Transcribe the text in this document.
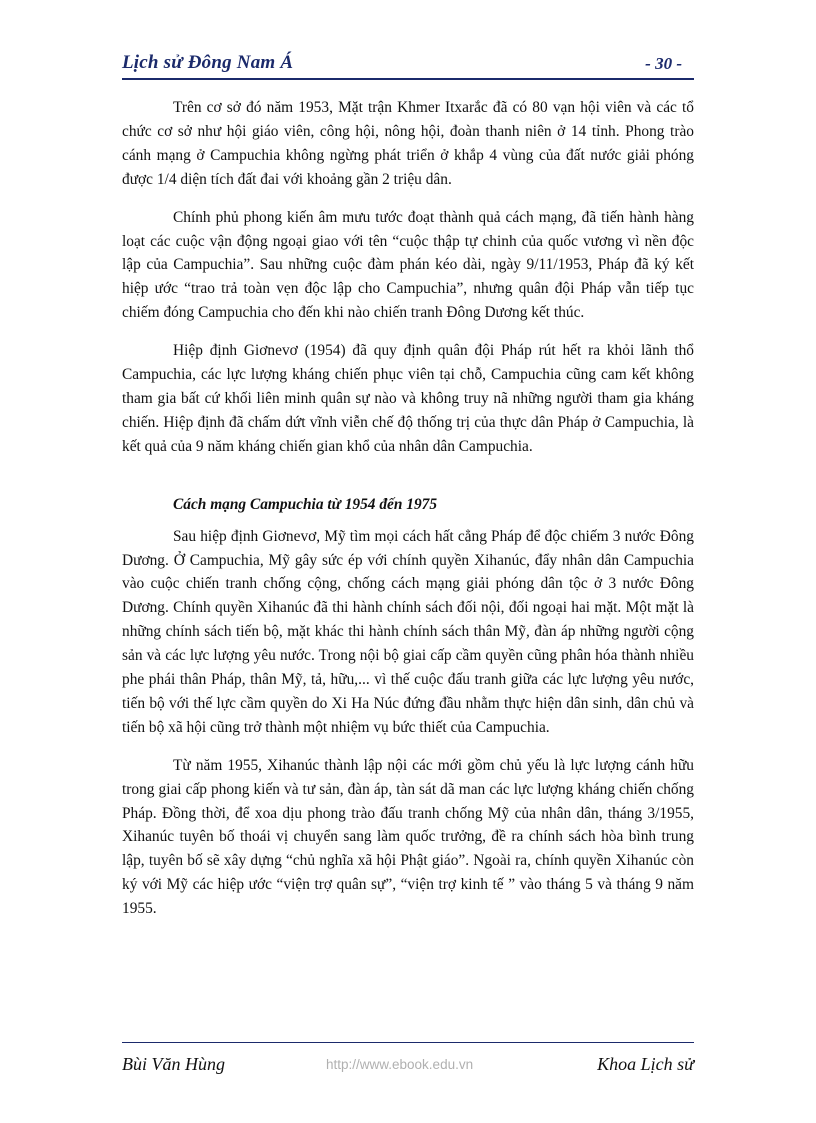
Lịch sử Đông Nam Á	- 30 -

Trên cơ sở đó năm 1953, Mặt trận Khmer Itxarắc đã có 80 vạn hội viên và các tổ chức cơ sở như hội giáo viên, công hội, nông hội, đoàn thanh niên ở 14 tỉnh. Phong trào cánh mạng ở Campuchia không ngừng phát triển ở khắp 4 vùng của đất nước giải phóng được 1/4 diện tích đất đai với khoảng gần 2 triệu dân.

Chính phủ phong kiến âm mưu tước đoạt thành quả cách mạng, đã tiến hành hàng loạt các cuộc vận động ngoại giao với tên “cuộc thập tự chinh của quốc vương vì nền độc lập của Campuchia”. Sau những cuộc đàm phán kéo dài, ngày 9/11/1953, Pháp đã ký kết hiệp ước “trao trả toàn vẹn độc lập cho Campuchia”, nhưng quân đội Pháp vẫn tiếp tục chiếm đóng Campuchia cho đến khi nào chiến tranh Đông Dương kết thúc.

Hiệp định Giơnevơ (1954) đã quy định quân đội Pháp rút hết ra khỏi lãnh thổ Campuchia, các lực lượng kháng chiến phục viên tại chỗ, Campuchia cũng cam kết không tham gia bất cứ khối liên minh quân sự nào và không truy nã những người tham gia kháng chiến. Hiệp định đã chấm dứt vĩnh viễn chế độ thống trị của thực dân Pháp ở Campuchia, là kết quả của 9 năm kháng chiến gian khổ của nhân dân Campuchia.

Cách mạng Campuchia từ 1954 đến 1975

Sau hiệp định Giơnevơ, Mỹ tìm mọi cách hất cẳng Pháp để độc chiếm 3 nước Đông Dương. Ở Campuchia, Mỹ gây sức ép với chính quyền Xihanúc, đẩy nhân dân Campuchia vào cuộc chiến tranh chống cộng, chống cách mạng giải phóng dân tộc ở 3 nước Đông Dương. Chính quyền Xihanúc đã thi hành chính sách đối nội, đối ngoại hai mặt. Một mặt là những chính sách tiến bộ, mặt khác thi hành chính sách thân Mỹ, đàn áp những người cộng sản và các lực lượng yêu nước. Trong nội bộ giai cấp cầm quyền cũng phân hóa thành nhiều phe phái thân Pháp, thân Mỹ, tả, hữu,... vì thế cuộc đấu tranh giữa các lực lượng yêu nước, tiến bộ với thế lực cầm quyền do Xi Ha Núc đứng đầu nhằm thực hiện dân sinh, dân chủ và tiến bộ xã hội cũng trở thành một nhiệm vụ bức thiết của Campuchia.

Từ năm 1955, Xihanúc thành lập nội các mới gồm chủ yếu là lực lượng cánh hữu trong giai cấp phong kiến và tư sản, đàn áp, tàn sát dã man các lực lượng kháng chiến chống Pháp. Đồng thời, để xoa dịu phong trào đấu tranh chống Mỹ của nhân dân, tháng 3/1955, Xihanúc tuyên bố thoái vị chuyển sang làm quốc trưởng, đề ra chính sách hòa bình trung lập, tuyên bố sẽ xây dựng “chủ nghĩa xã hội Phật giáo”. Ngoài ra, chính quyền Xihanúc còn ký với Mỹ các hiệp ước “viện trợ quân sự”, “viện trợ kinh tế ” vào tháng 5 và tháng 9 năm 1955.

Bùi Văn Hùng	http://www.ebook.edu.vn	Khoa Lịch sử
